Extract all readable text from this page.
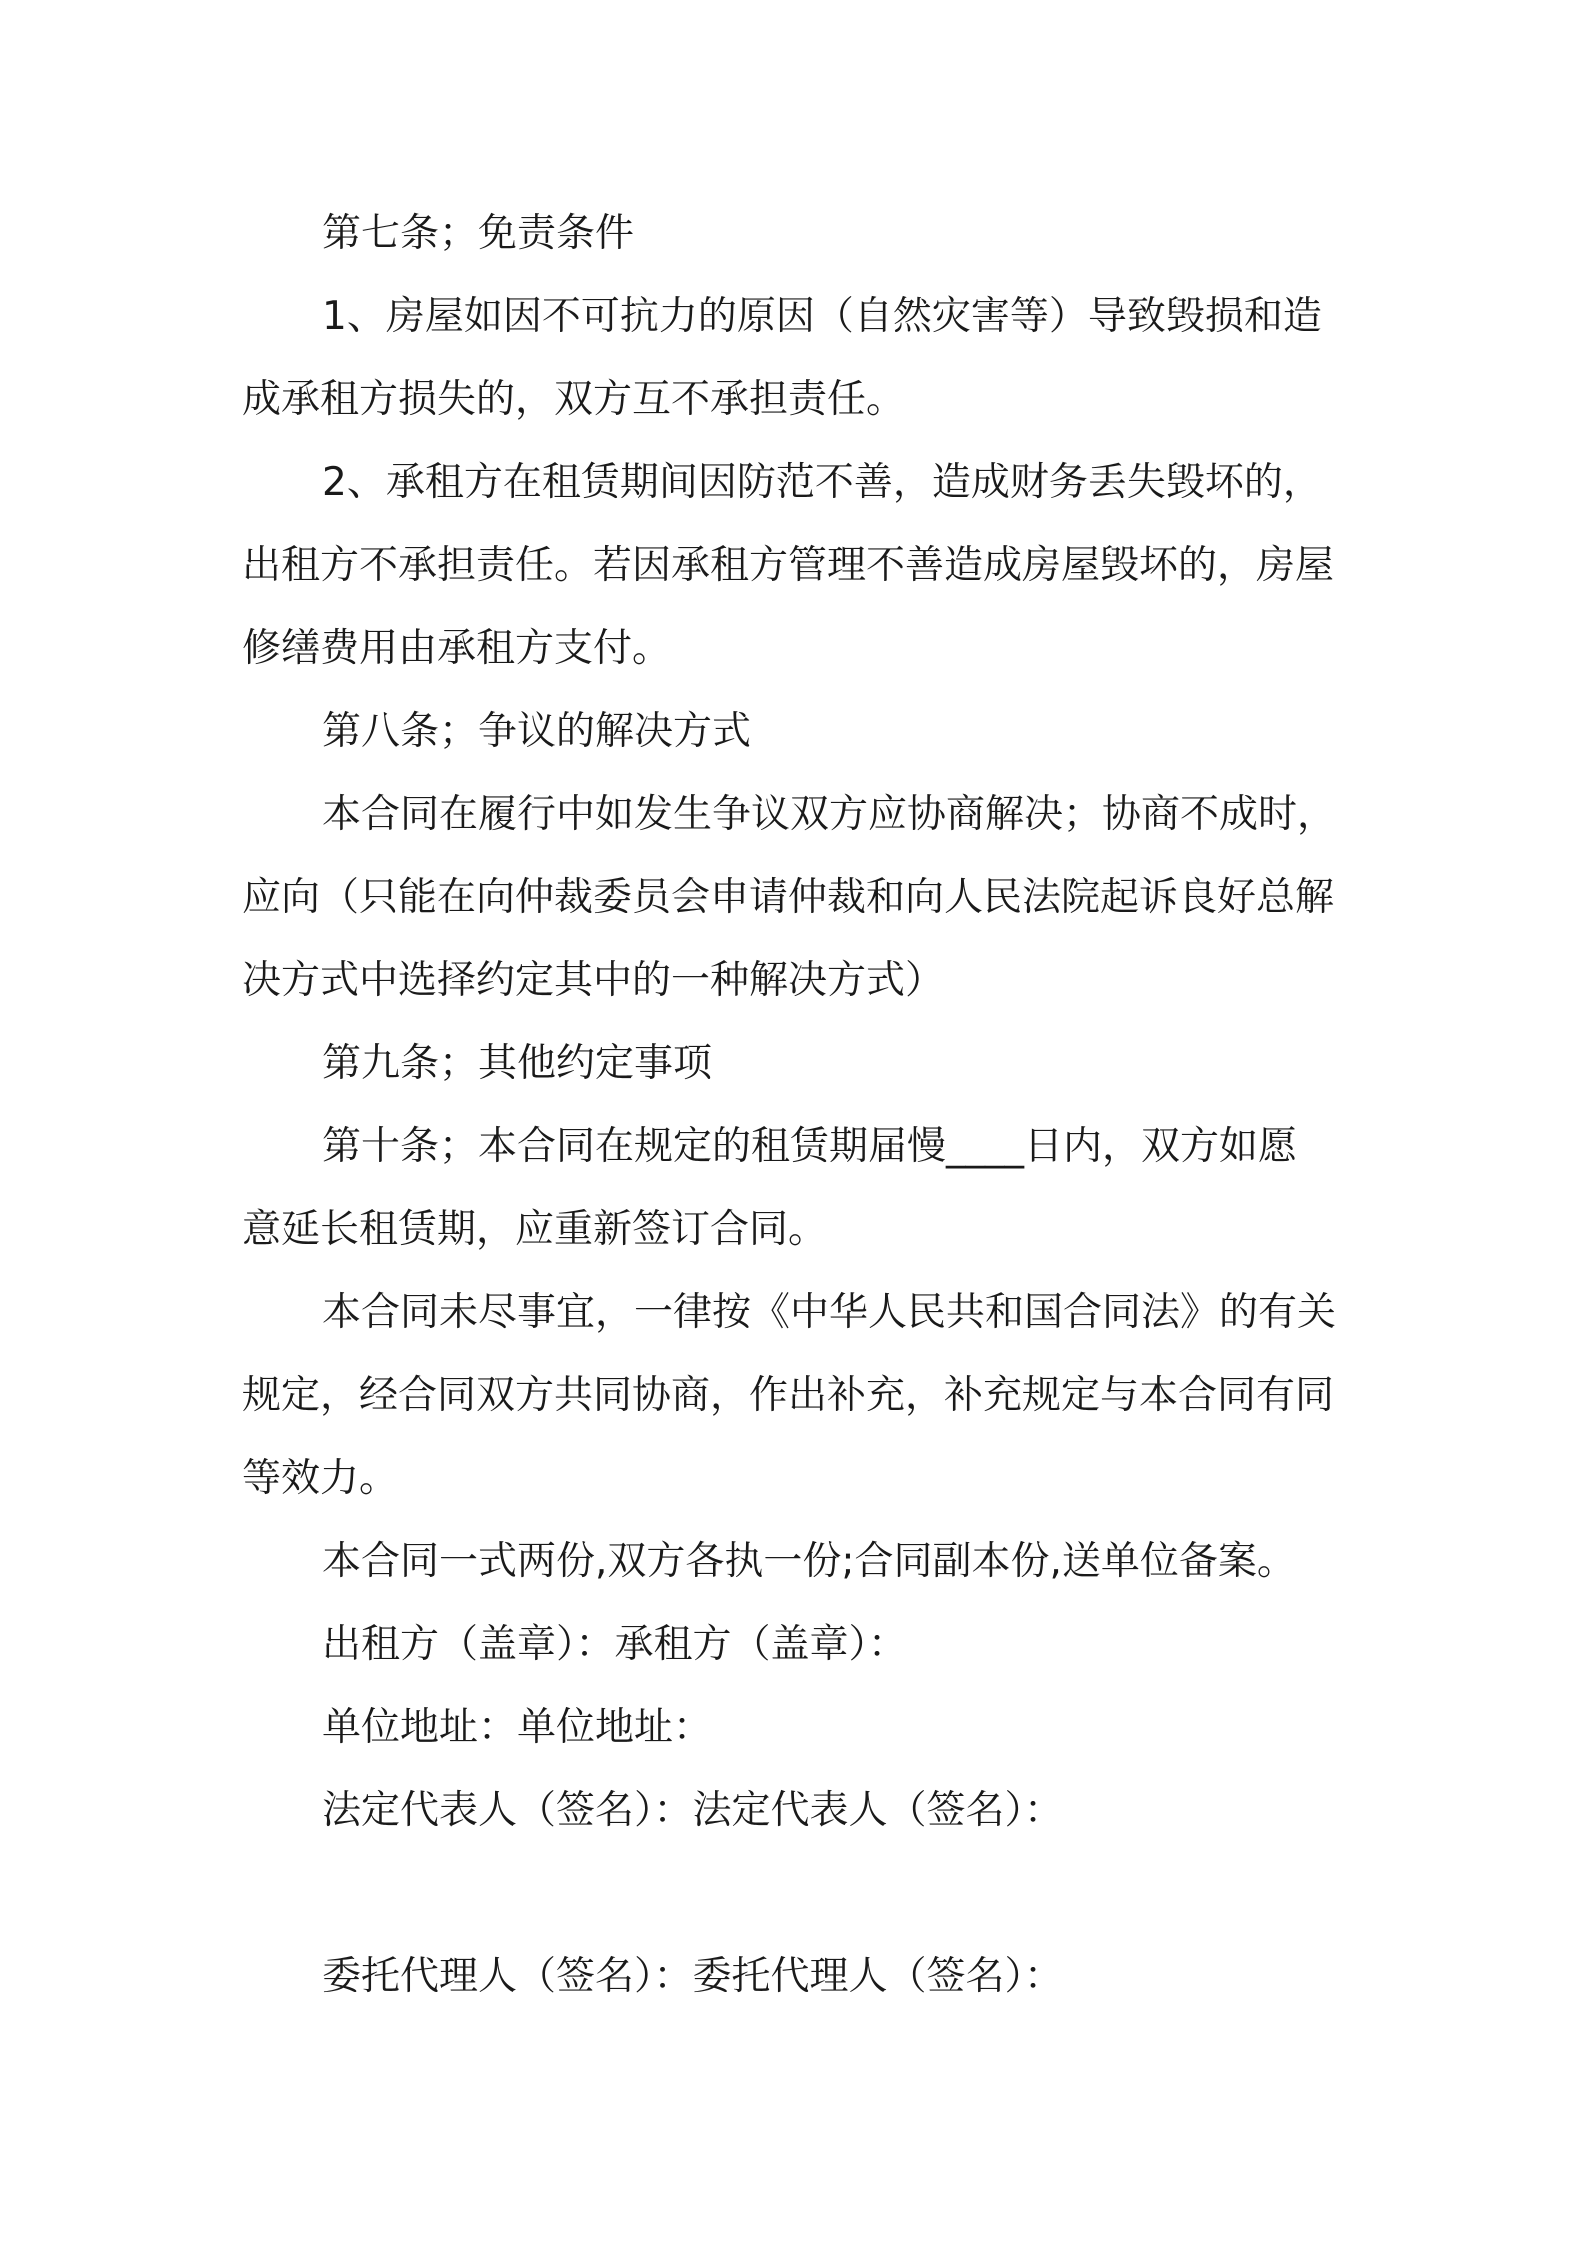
第七条；免责条件

1、房屋如因不可抗力的原因（自然灾害等）导致毁损和造

成承租方损失的，双方互不承担责任。

2、承租方在租赁期间因防范不善，造成财务丢失毁坏的，

出租方不承担责任。若因承租方管理不善造成房屋毁坏的，房屋

修缮费用由承租方支付。

第八条；争议的解决方式

本合同在履行中如发生争议双方应协商解决；协商不成时，

应向（只能在向仲裁委员会申请仲裁和向人民法院起诉良好总解

决方式中选择约定其中的一种解决方式）

第九条；其他约定事项

第十条；本合同在规定的租赁期届慢____日内，双方如愿

意延长租赁期，应重新签订合同。

本合同未尽事宜，一律按《中华人民共和国合同法》的有关

规定，经合同双方共同协商，作出补充，补充规定与本合同有同

等效力。

本合同一式两份,双方各执一份;合同副本份,送单位备案。

出租方（盖章）：承租方（盖章）：

单位地址：单位地址：

法定代表人（签名）：法定代表人（签名）：

委托代理人（签名）：委托代理人（签名）：
